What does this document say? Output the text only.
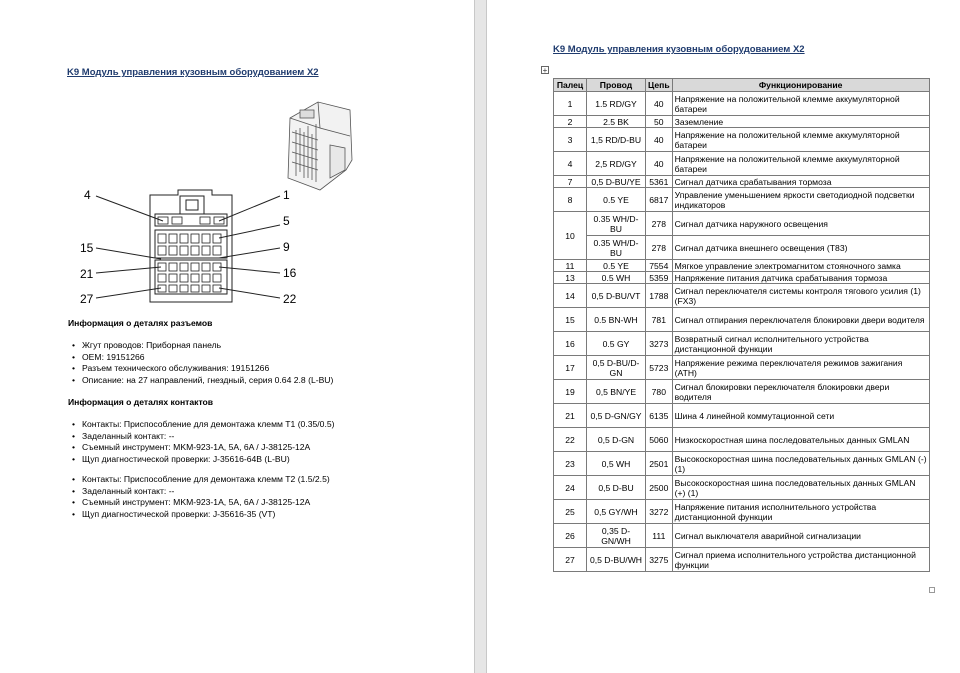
K9 Модуль управления кузовным оборудованием X2
4	1
5
15	9
21	16
27	22
Информация о деталях разъемов
• Жгут проводов: Приборная панель
• OEM: 19151266
• Разъем технического обслуживания: 19151266
• Описание: на 27 направлений, гнездный, серия 0.64 2.8 (L-BU)
Информация о деталях контактов
• Контакты: Приспособление для демонтажа клемм T1 (0.35/0.5)
• Заделанный контакт: --
• Съемный инструмент: MKM-923-1A, 5A, 6A / J-38125-12A
• Щуп диагностической проверки: J-35616-64B (L-BU)
• Контакты: Приспособление для демонтажа клемм T2 (1.5/2.5)
• Заделанный контакт: --
• Съемный инструмент: MKM-923-1A, 5A, 6A / J-38125-12A
• Щуп диагностической проверки: J-35616-35 (VT)
K9 Модуль управления кузовным оборудованием X2
+
Палец	Провод	Цепь	Функционирование
1	1.5 RD/GY	40	Напряжение на положительной клемме аккумуляторной батареи
2	2.5 BK	50	Заземление
3	1,5 RD/D-BU	40	Напряжение на положительной клемме аккумуляторной батареи
4	2,5 RD/GY	40	Напряжение на положительной клемме аккумуляторной батареи
7	0,5 D-BU/YE	5361	Сигнал датчика срабатывания тормоза
8	0.5 YE	6817	Управление уменьшением яркости светодиодной подсветки индикаторов
10	0.35 WH/D-BU	278	Сигнал датчика наружного освещения
	0.35 WH/D-BU	278	Сигнал датчика внешнего освещения (T83)
11	0.5 YE	7554	Мягкое управление электромагнитом стояночного замка
13	0.5 WH	5359	Напряжение питания датчика срабатывания тормоза
14	0,5 D-BU/VT	1788	Сигнал переключателя системы контроля тягового усилия (1) (FX3)
15	0.5 BN-WH	781	Сигнал отпирания переключателя блокировки двери водителя
16	0.5 GY	3273	Возвратный сигнал исполнительного устройства дистанционной функции
17	0,5 D-BU/D-GN	5723	Напряжение режима переключателя режимов зажигания (ATH)
19	0,5 BN/YE	780	Сигнал блокировки переключателя блокировки двери водителя
21	0,5 D-GN/GY	6135	Шина 4 линейной коммутационной сети
22	0,5 D-GN	5060	Низкоскоростная шина последовательных данных GMLAN
23	0,5 WH	2501	Высокоскоростная шина последовательных данных GMLAN (-) (1)
24	0,5 D-BU	2500	Высокоскоростная шина последовательных данных GMLAN (+) (1)
25	0,5 GY/WH	3272	Напряжение питания исполнительного устройства дистанционной функции
26	0,35 D-GN/WH	111	Сигнал выключателя аварийной сигнализации
27	0,5 D-BU/WH	3275	Сигнал приема исполнительного устройства дистанционной функции
